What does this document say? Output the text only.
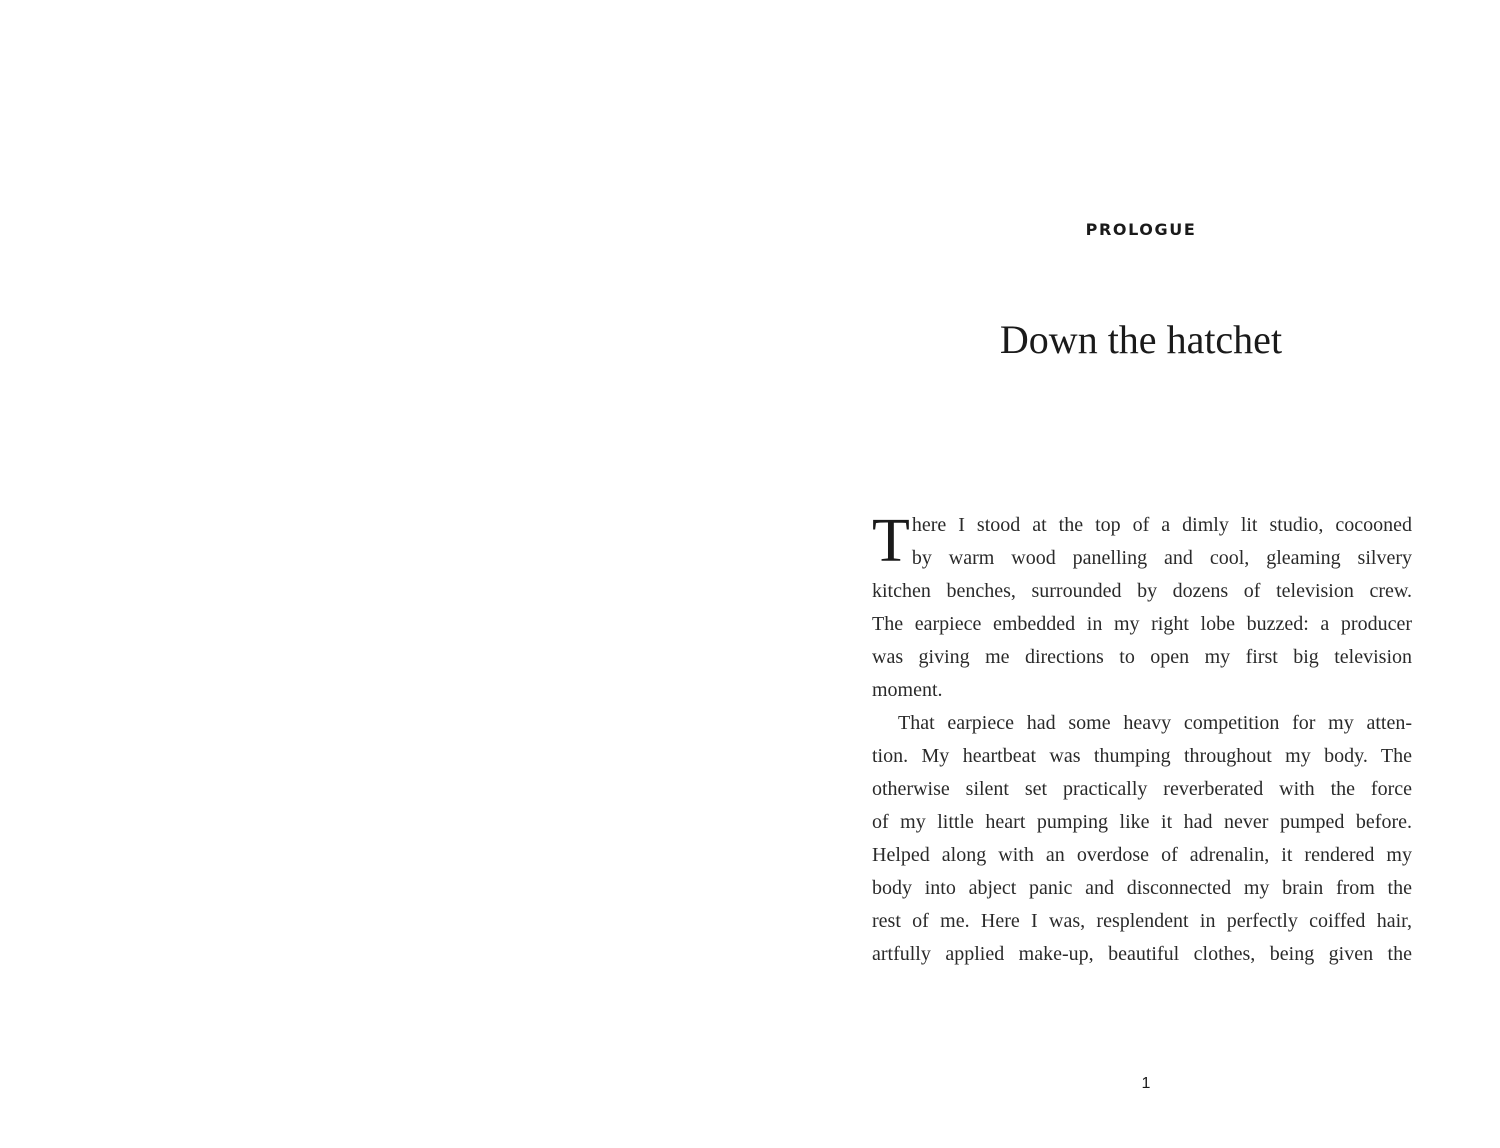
PROLOGUE
Down the hatchet
T here I stood at the top of a dimly lit studio, cocooned
by warm wood panelling and cool, gleaming silvery
kitchen benches, surrounded by dozens of television crew.
The earpiece embedded in my right lobe buzzed: a producer
was giving me directions to open my first big television
moment.
That earpiece had some heavy competition for my atten-
tion. My heartbeat was thumping throughout my body. The
otherwise silent set practically reverberated with the force
of my little heart pumping like it had never pumped before.
Helped along with an overdose of adrenalin, it rendered my
body into abject panic and disconnected my brain from the
rest of me. Here I was, resplendent in perfectly coiffed hair,
artfully applied make-up, beautiful clothes, being given the
1
